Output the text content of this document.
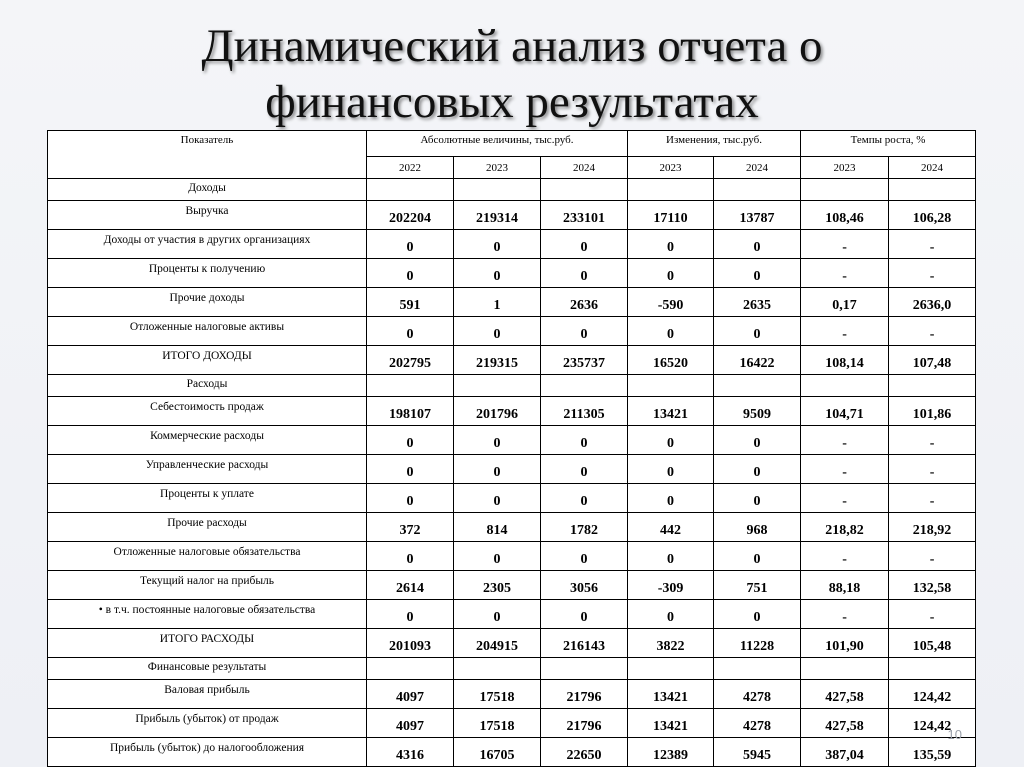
Динамический анализ отчета о
финансовых результатах
Показатель	Абсолютные величины, тыс.руб.			Изменения, тыс.руб.		Темпы роста, %	
	2022	2023	2024	2023	2024	2023	2024
Доходы							
Выручка	202204	219314	233101	17110	13787	108,46	106,28
Доходы от участия в других организациях	0	0	0	0	0	-	-
Проценты к получению	0	0	0	0	0	-	-
Прочие доходы	591	1	2636	-590	2635	0,17	2636,0
Отложенные налоговые активы	0	0	0	0	0	-	-
ИТОГО ДОХОДЫ	202795	219315	235737	16520	16422	108,14	107,48
Расходы							
Себестоимость продаж	198107	201796	211305	13421	9509	104,71	101,86
Коммерческие расходы	0	0	0	0	0	-	-
Управленческие расходы	0	0	0	0	0	-	-
Проценты к уплате	0	0	0	0	0	-	-
Прочие расходы	372	814	1782	442	968	218,82	218,92
Отложенные налоговые обязательства	0	0	0	0	0	-	-
Текущий налог на прибыль	2614	2305	3056	-309	751	88,18	132,58
• в т.ч. постоянные налоговые обязательства	0	0	0	0	0	-	-
ИТОГО РАСХОДЫ	201093	204915	216143	3822	11228	101,90	105,48
Финансовые результаты							
Валовая прибыль	4097	17518	21796	13421	4278	427,58	124,42
Прибыль (убыток) от продаж	4097	17518	21796	13421	4278	427,58	124,42
Прибыль (убыток) до налогообложения	4316	16705	22650	12389	5945	387,04	135,59
10
